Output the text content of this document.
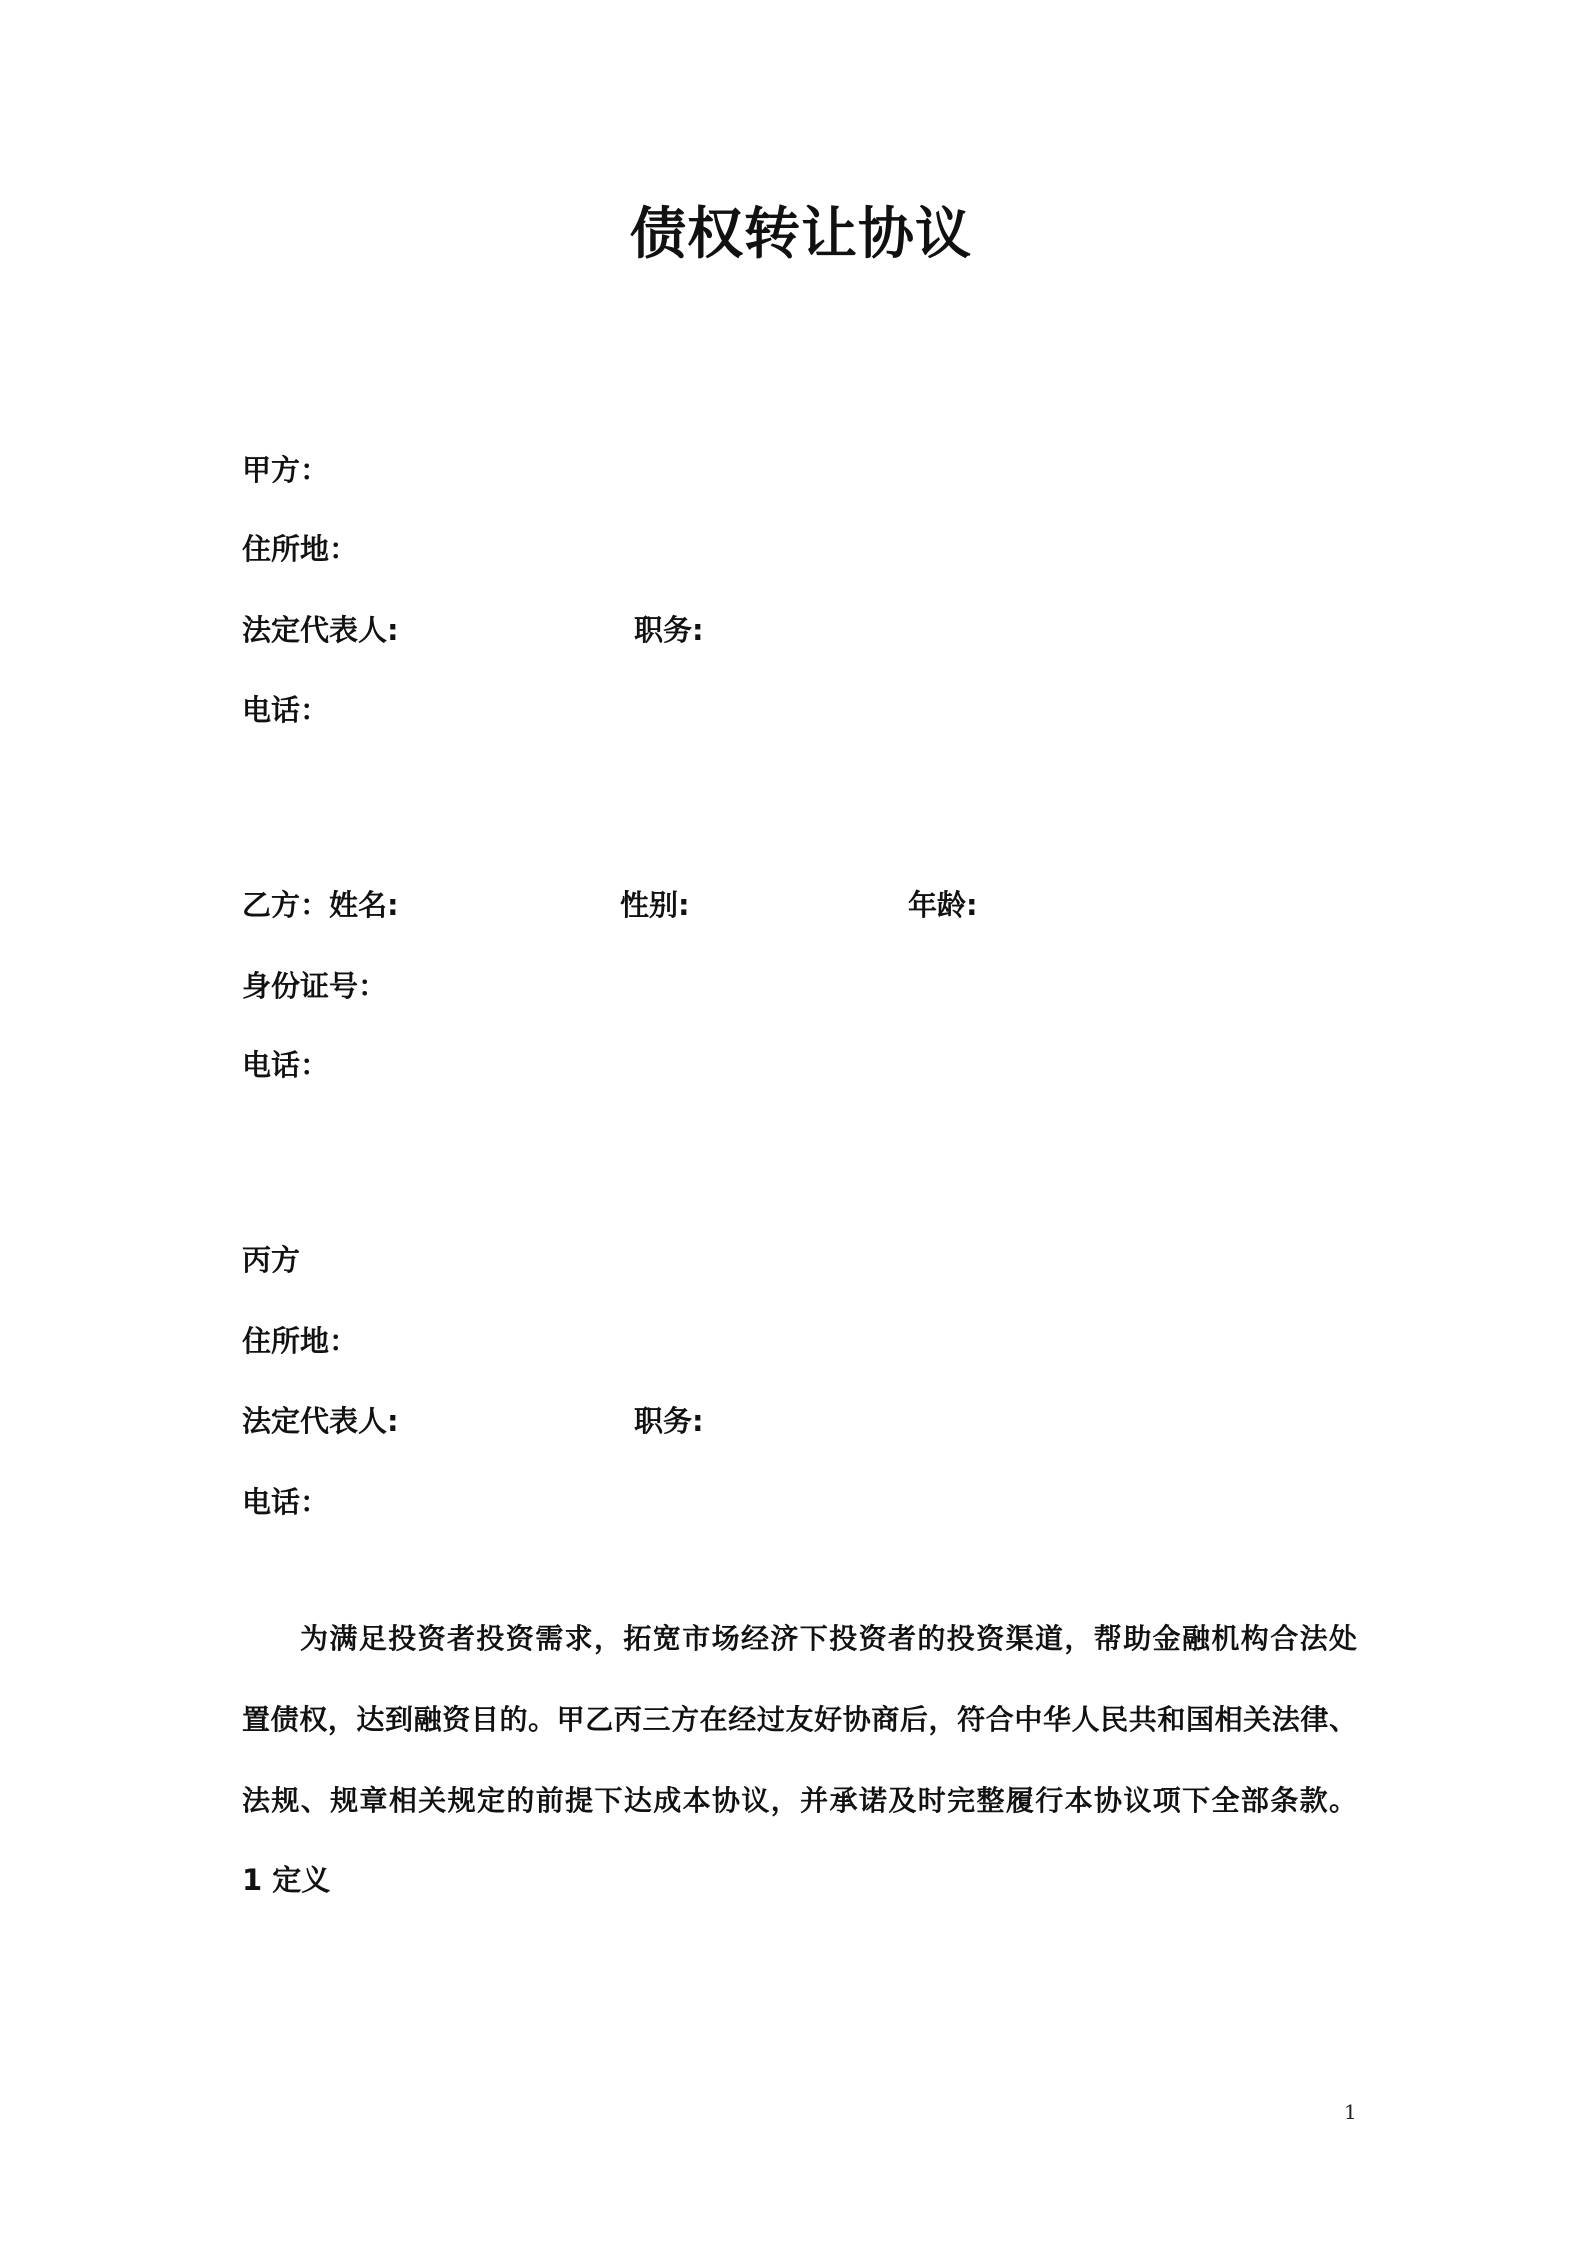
债权转让协议
甲方：
住所地：
法定代表人:	职务:
电话：
乙方：姓名:	性别:	年龄:
身份证号：
电话：
丙方
住所地：
法定代表人:	职务:
电话：
为满足投资者投资需求，拓宽市场经济下投资者的投资渠道，帮助金融机构合法处
置债权，达到融资目的。甲乙丙三方在经过友好协商后，符合中华人民共和国相关法律、
法规、规章相关规定的前提下达成本协议，并承诺及时完整履行本协议项下全部条款。
1 定义
1
